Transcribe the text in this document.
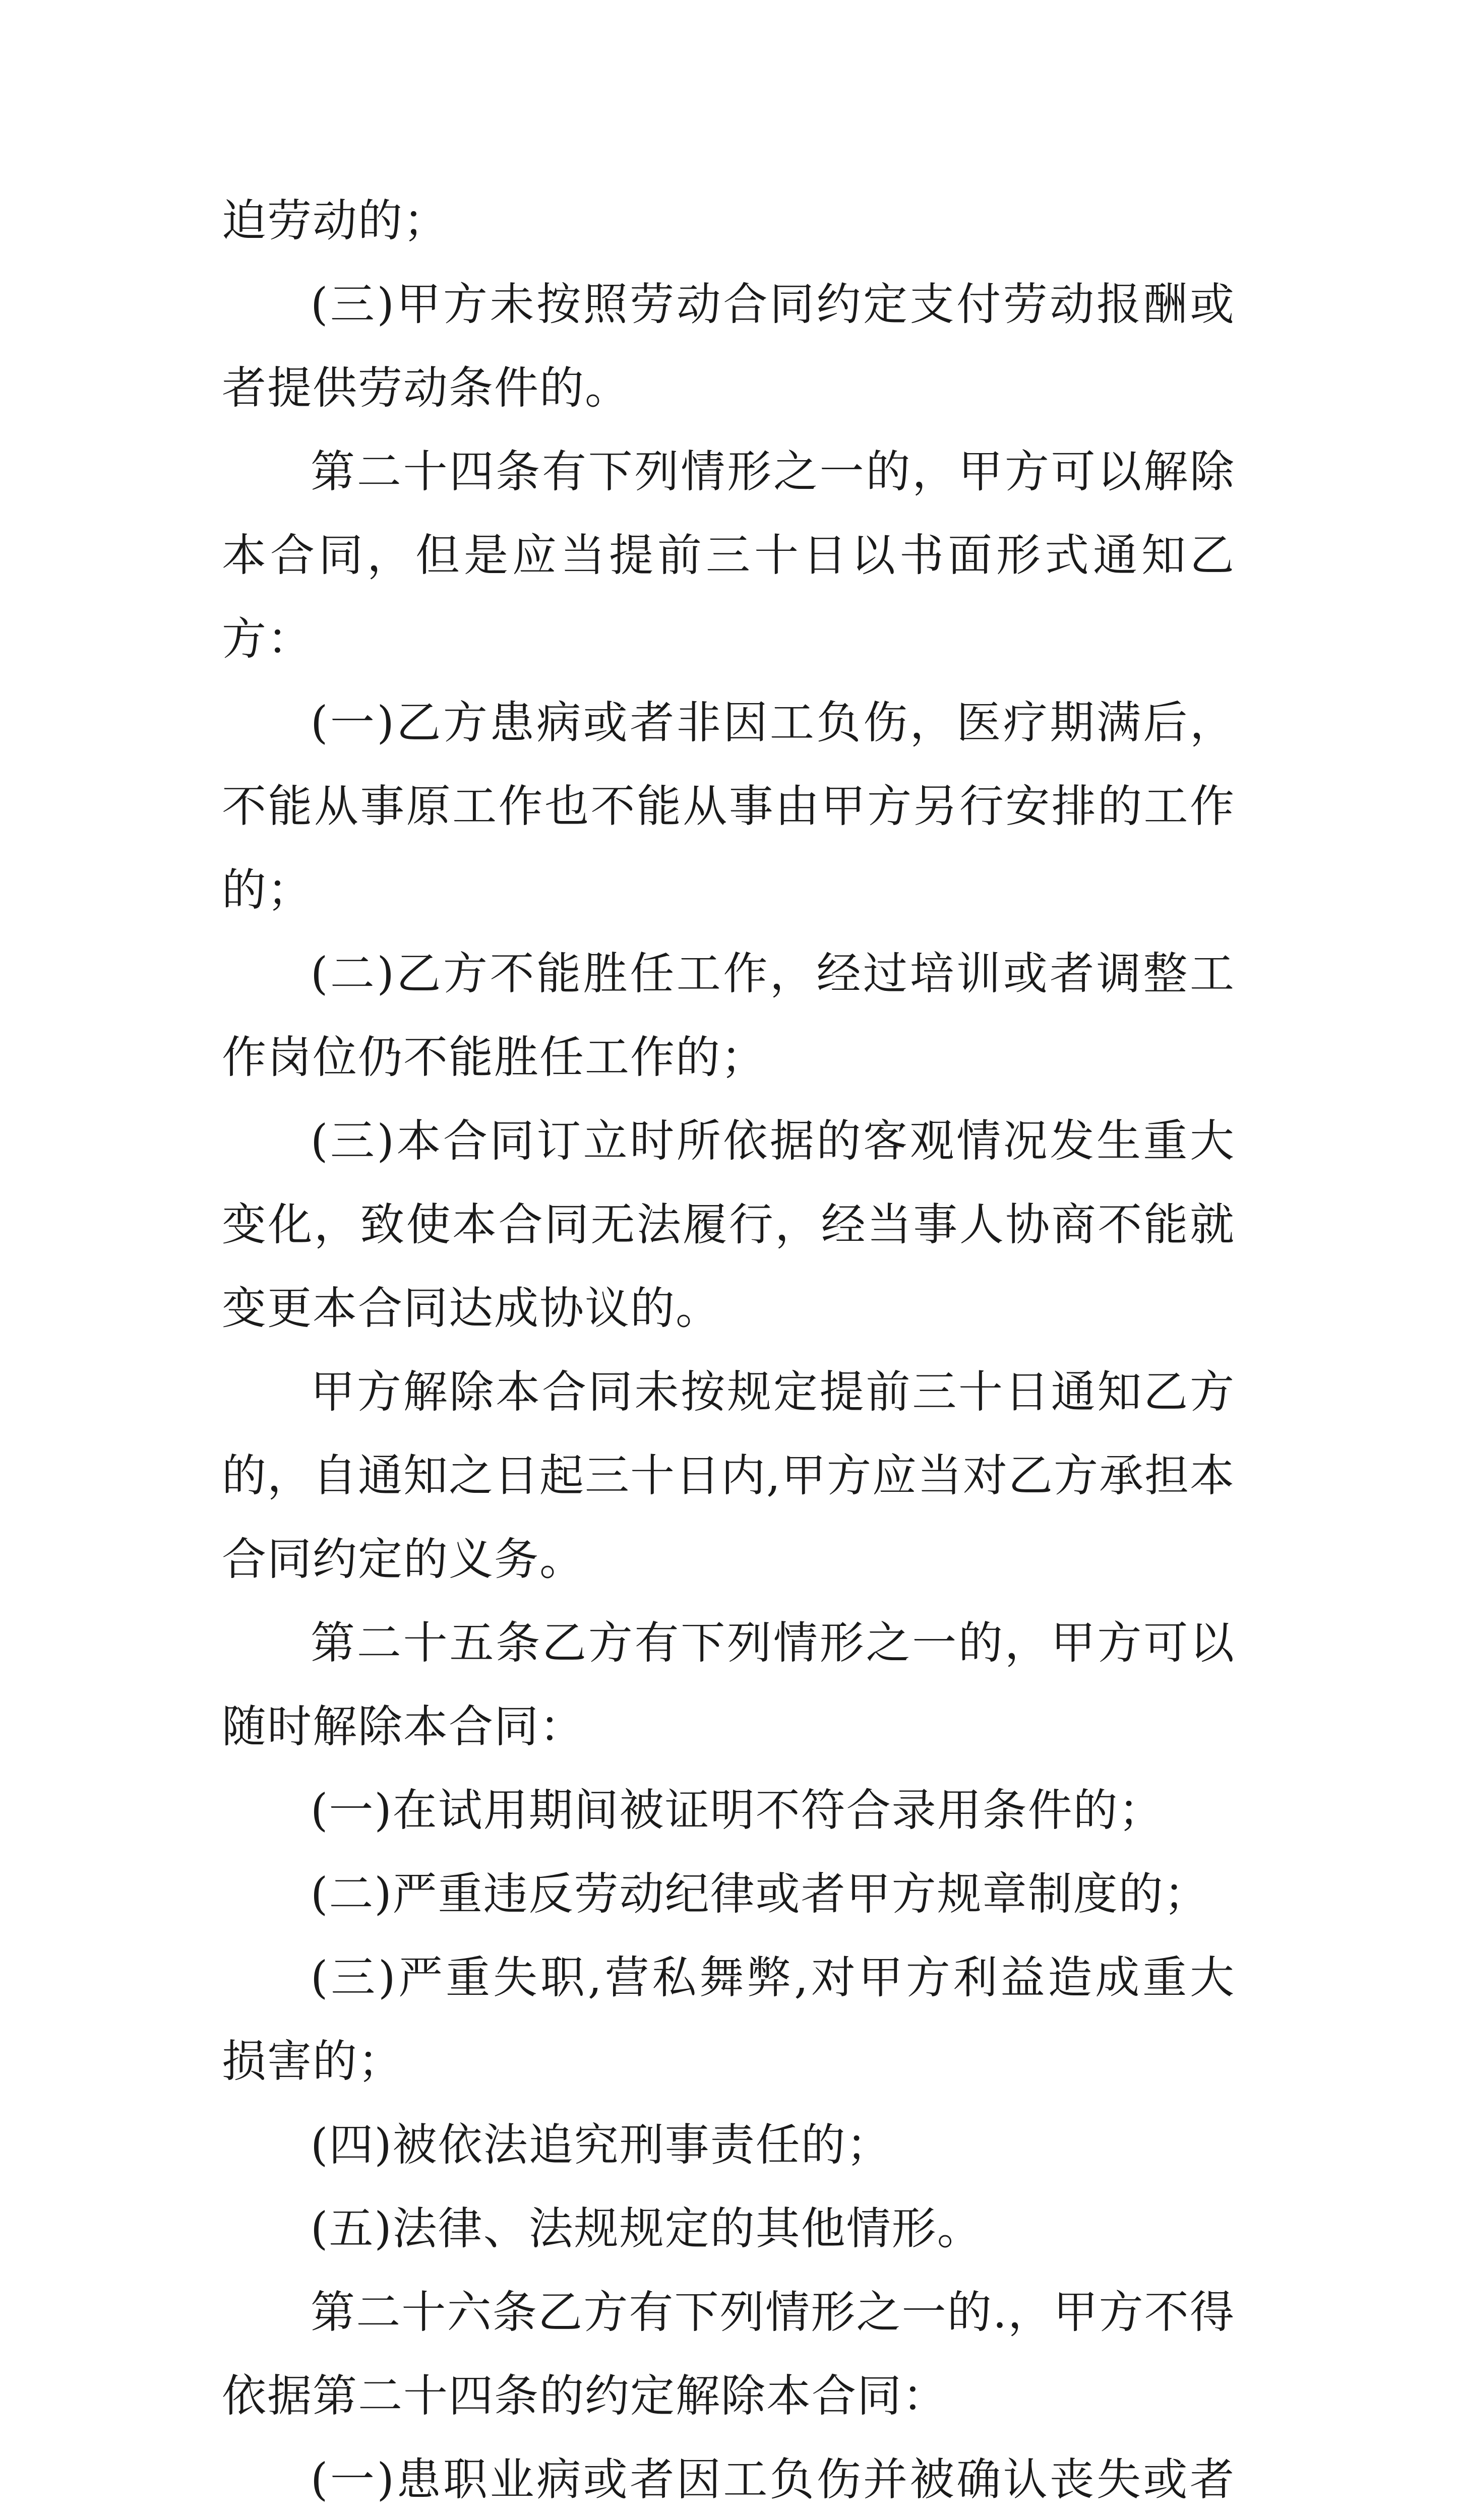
迫劳动的；

(三)甲方未按照劳动合同约定支付劳动报酬或者提供劳动条件的。

第二十四条有下列情形之一的，甲方可以解除本合同，但是应当提前三十日以书面形式通知乙方：

(一)乙方患病或者非因工负伤，医疗期满后，不能从事原工作也不能从事由甲方另行安排的工作的；

(二)乙方不能胜任工作，经过培训或者调整工作岗位仍不能胜任工作的；

(三)本合同订立时所依据的客观情况发生重大变化，致使本合同无法履行，经当事人协商不能就变更本合同达成协议的。

甲方解除本合同未按规定提前三十日通知乙方的，自通知之日起三十日内,甲方应当对乙方承担本合同约定的义务。

第二十五条乙方有下列情形之一的，甲方可以随时解除本合同：

(一)在试用期间被证明不符合录用条件的；

(二)严重违反劳动纪律或者甲方规章制度的；

(三)严重失职,营私舞弊,对甲方利益造成重大损害的；

(四)被依法追究刑事责任的；

(五)法律、法规规定的其他情形。

第二十六条乙方有下列情形之一的.，甲方不得依据第二十四条的约定解除本合同：

(一)患职业病或者因工负伤并被确认丧失或者
